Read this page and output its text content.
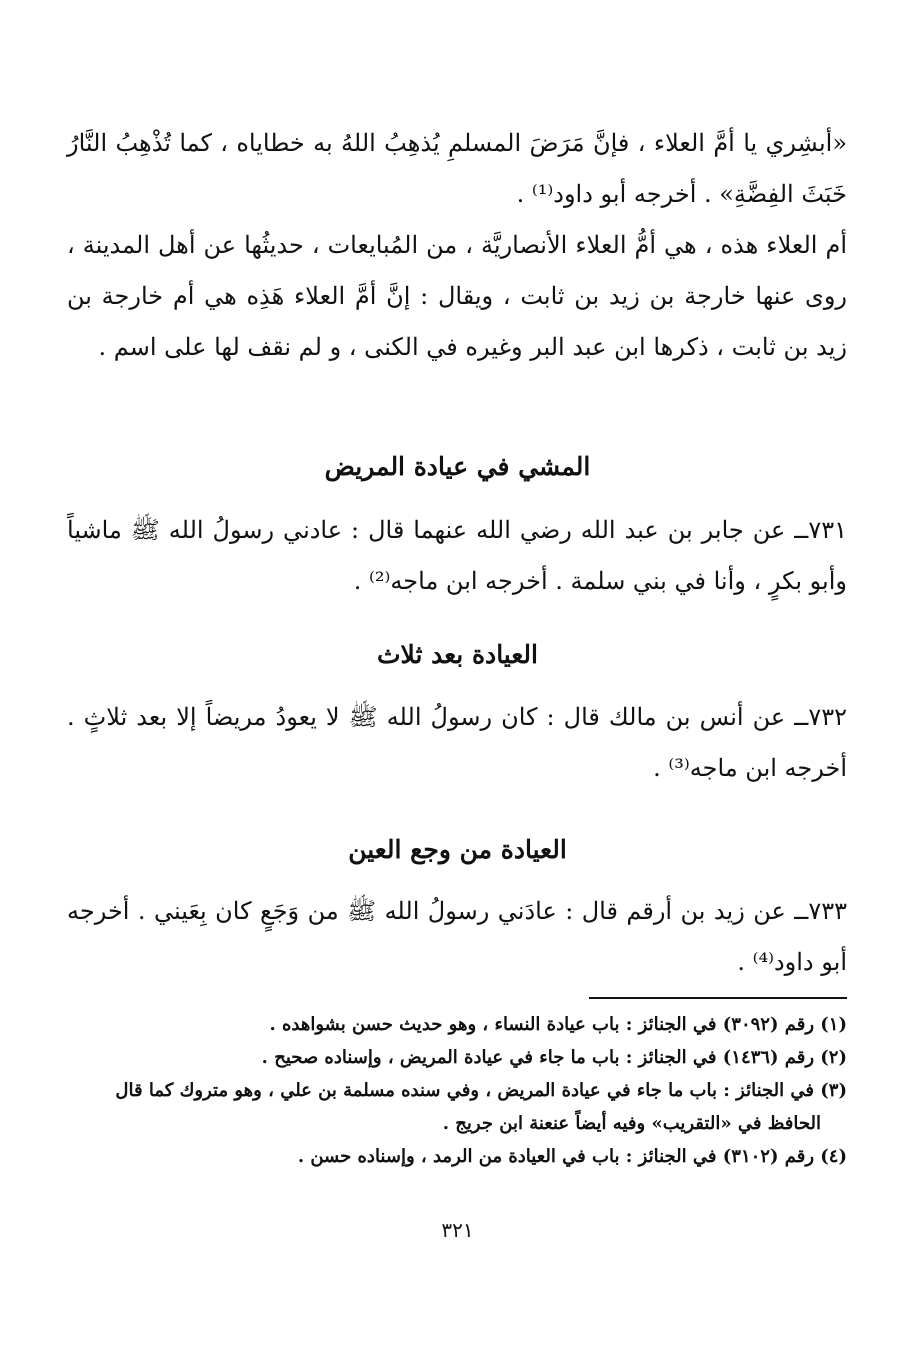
«أبشِري يا أمَّ العلاء ، فإنَّ مَرَضَ المسلمِ يُذهِبُ اللهُ به خطاياه ، كما تُذْهِبُ النَّارُ خَبَثَ الفِضَّةِ» . أخرجه أبو داود⁽¹⁾ .

أم العلاء هذه ، هي أمُّ العلاء الأنصاريَّة ، من المُبايعات ، حديثُها عن أهل المدينة ، روى عنها خارجة بن زيد بن ثابت ، ويقال : إنَّ أمَّ العلاء هَذِه هي أم خارجة بن زيد بن ثابت ، ذكرها ابن عبد البر وغيره في الكنى ، و لم نقف لها على اسم .

المشي في عيادة المريض

٧٣١ــ عن جابر بن عبد الله رضي الله عنهما قال : عادني رسولُ الله ﷺ ماشياً وأبو بكرٍ ، وأنا في بني سلمة . أخرجه ابن ماجه⁽²⁾ .

العيادة بعد ثلاث

٧٣٢ــ عن أنس بن مالك قال : كان رسولُ الله ﷺ لا يعودُ مريضاً إلا بعد ثلاثٍ . أخرجه ابن ماجه⁽³⁾ .

العيادة من وجع العين

٧٣٣ــ عن زيد بن أرقم قال : عادَني رسولُ الله ﷺ من وَجَعٍ كان بِعَيني . أخرجه أبو داود⁽⁴⁾ .

(١) رقم (٣٠٩٢) في الجنائز : باب عيادة النساء ، وهو حديث حسن بشواهده .
(٢) رقم (١٤٣٦) في الجنائز : باب ما جاء في عيادة المريض ، وإسناده صحيح .
(٣) في الجنائز : باب ما جاء في عيادة المريض ، وفي سنده مسلمة بن علي ، وهو متروك كما قال الحافظ في «التقريب» وفيه أيضاً عنعنة ابن جريج .
(٤) رقم (٣١٠٢) في الجنائز : باب في العيادة من الرمد ، وإسناده حسن .
٣٢١
